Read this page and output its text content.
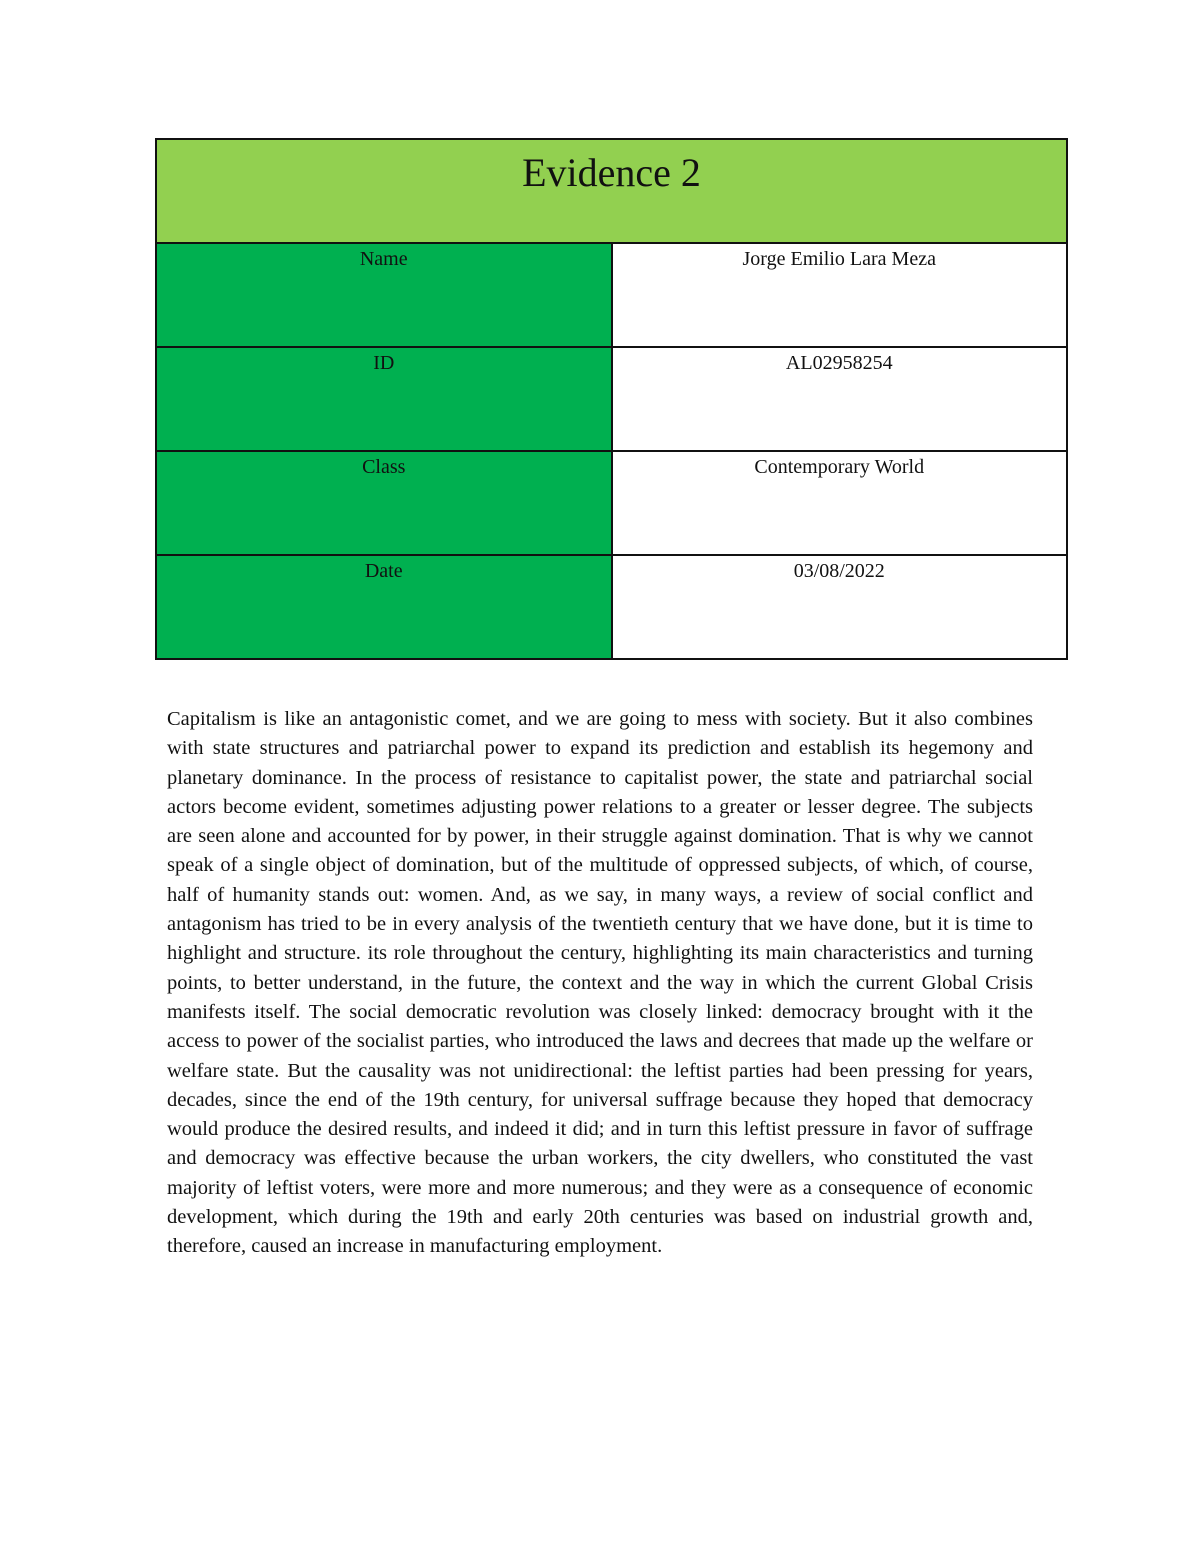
Evidence 2	

Name	Jorge Emilio Lara Meza

ID	AL02958254

Class	Contemporary World

Date	03/08/2022

Capitalism is like an antagonistic comet, and we are going to mess with society. But it also combines with state structures and patriarchal power to expand its prediction and establish its hegemony and planetary dominance. In the process of resistance to capitalist power, the state and patriarchal social actors become evident, sometimes adjusting power relations to a greater or lesser degree. The subjects are seen alone and accounted for by power, in their struggle against domination. That is why we cannot speak of a single object of domination, but of the multitude of oppressed subjects, of which, of course, half of humanity stands out: women. And, as we say, in many ways, a review of social conflict and antagonism has tried to be in every analysis of the twentieth century that we have done, but it is time to highlight and structure. its role throughout the century, highlighting its main characteristics and turning points, to better understand, in the future, the context and the way in which the current Global Crisis manifests itself. The social democratic revolution was closely linked: democracy brought with it the access to power of the socialist parties, who introduced the laws and decrees that made up the welfare or welfare state. But the causality was not unidirectional: the leftist parties had been pressing for years, decades, since the end of the 19th century, for universal suffrage because they hoped that democracy would produce the desired results, and indeed it did; and in turn this leftist pressure in favor of suffrage and democracy was effective because the urban workers, the city dwellers, who constituted the vast majority of leftist voters, were more and more numerous; and they were as a consequence of economic development, which during the 19th and early 20th centuries was based on industrial growth and, therefore, caused an increase in manufacturing employment.
